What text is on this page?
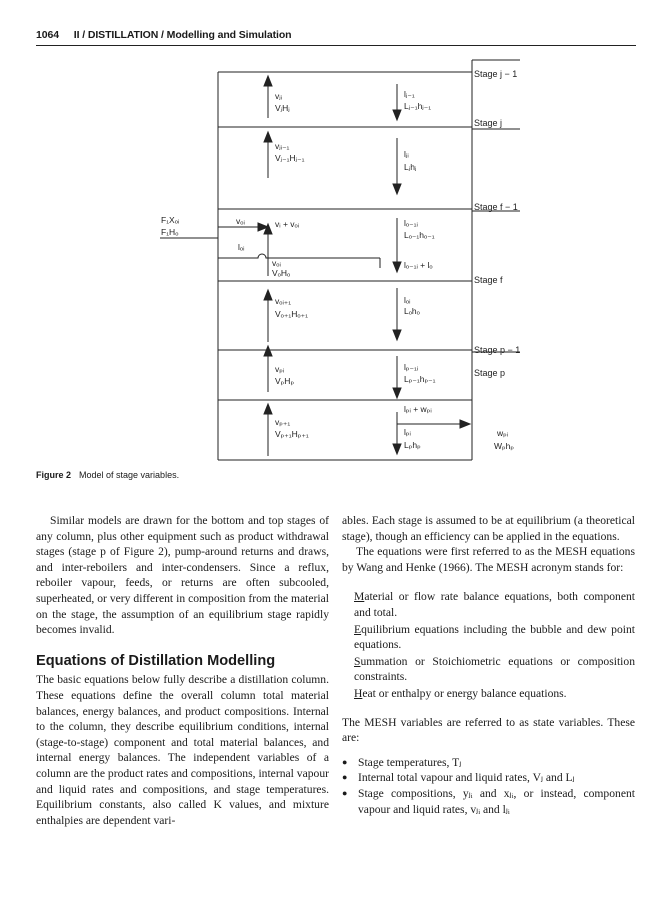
1064 II / DISTILLATION / Modelling and Simulation
Stage j − 1
Stage j
Stage f − 1
Stage f
Stage p − 1
Stage p
F₁Xₒᵢ
F₁Hₒ
vₒᵢ
lₒᵢ
vⱼᵢ
VⱼHⱼ
vⱼᵢ₋₁
Vⱼ₋₁Hⱼ₋₁
vᵢ + vₒᵢ
vₒᵢ
VₒHₒ
vₒᵢ₊₁
Vₒ₊₁Hₒ₊₁
vₚᵢ
VₚHₚ
vₚ₊₁
Vₚ₊₁Hₚ₊₁
lⱼ₋₁
Lⱼ₋₁hⱼ₋₁
lⱼᵢ
Lⱼhⱼ
lₒ₋₁ᵢ
Lₒ₋₁hₒ₋₁
lₒ₋₁ᵢ + lₒ
lₒᵢ
Lₒhₒ
lₚ₋₁ᵢ
Lₚ₋₁hₚ₋₁
lₚᵢ + wₚᵢ
lₚᵢ
Lₚhₚ
wₚᵢ
Wₚhₚ
Figure 2 Model of stage variables.

Similar models are drawn for the bottom and top stages of any column, plus other equipment such as product withdrawal stages (stage p of Figure 2), pump-around returns and draws, and inter-reboilers and inter-condensers. Since a reflux, reboiler vapour, feeds, or returns are often subcooled, superheated, or very different in composition from the material on the stage, the assumption of an equilibrium stage rapidly becomes invalid.

Equations of Distillation Modelling

The basic equations below fully describe a distillation column. These equations define the overall column total material balances, energy balances, and product compositions. Internal to the column, they describe equilibrium conditions, internal (stage-to-stage) component and total material balances, and internal energy balances. The independent variables of a column are the product rates and compositions, internal vapour and liquid rates and compositions, and stage temperatures. Equilibrium constants, also called K values, and mixture enthalpies are dependent vari-

ables. Each stage is assumed to be at equilibrium (a theoretical stage), though an efficiency can be applied in the equations.

The equations were first referred to as the MESH equations by Wang and Henke (1966). The MESH acronym stands for:

Material or flow rate balance equations, both component and total.
Equilibrium equations including the bubble and dew point equations.
Summation or Stoichiometric equations or composition constraints.
Heat or enthalpy or energy balance equations.

The MESH variables are referred to as state variables. These are:

● Stage temperatures, Tⱼ
● Internal total vapour and liquid rates, Vⱼ and Lⱼ
● Stage compositions, yⱼᵢ and xⱼᵢ, or instead, component vapour and liquid rates, vⱼᵢ and lⱼᵢ
